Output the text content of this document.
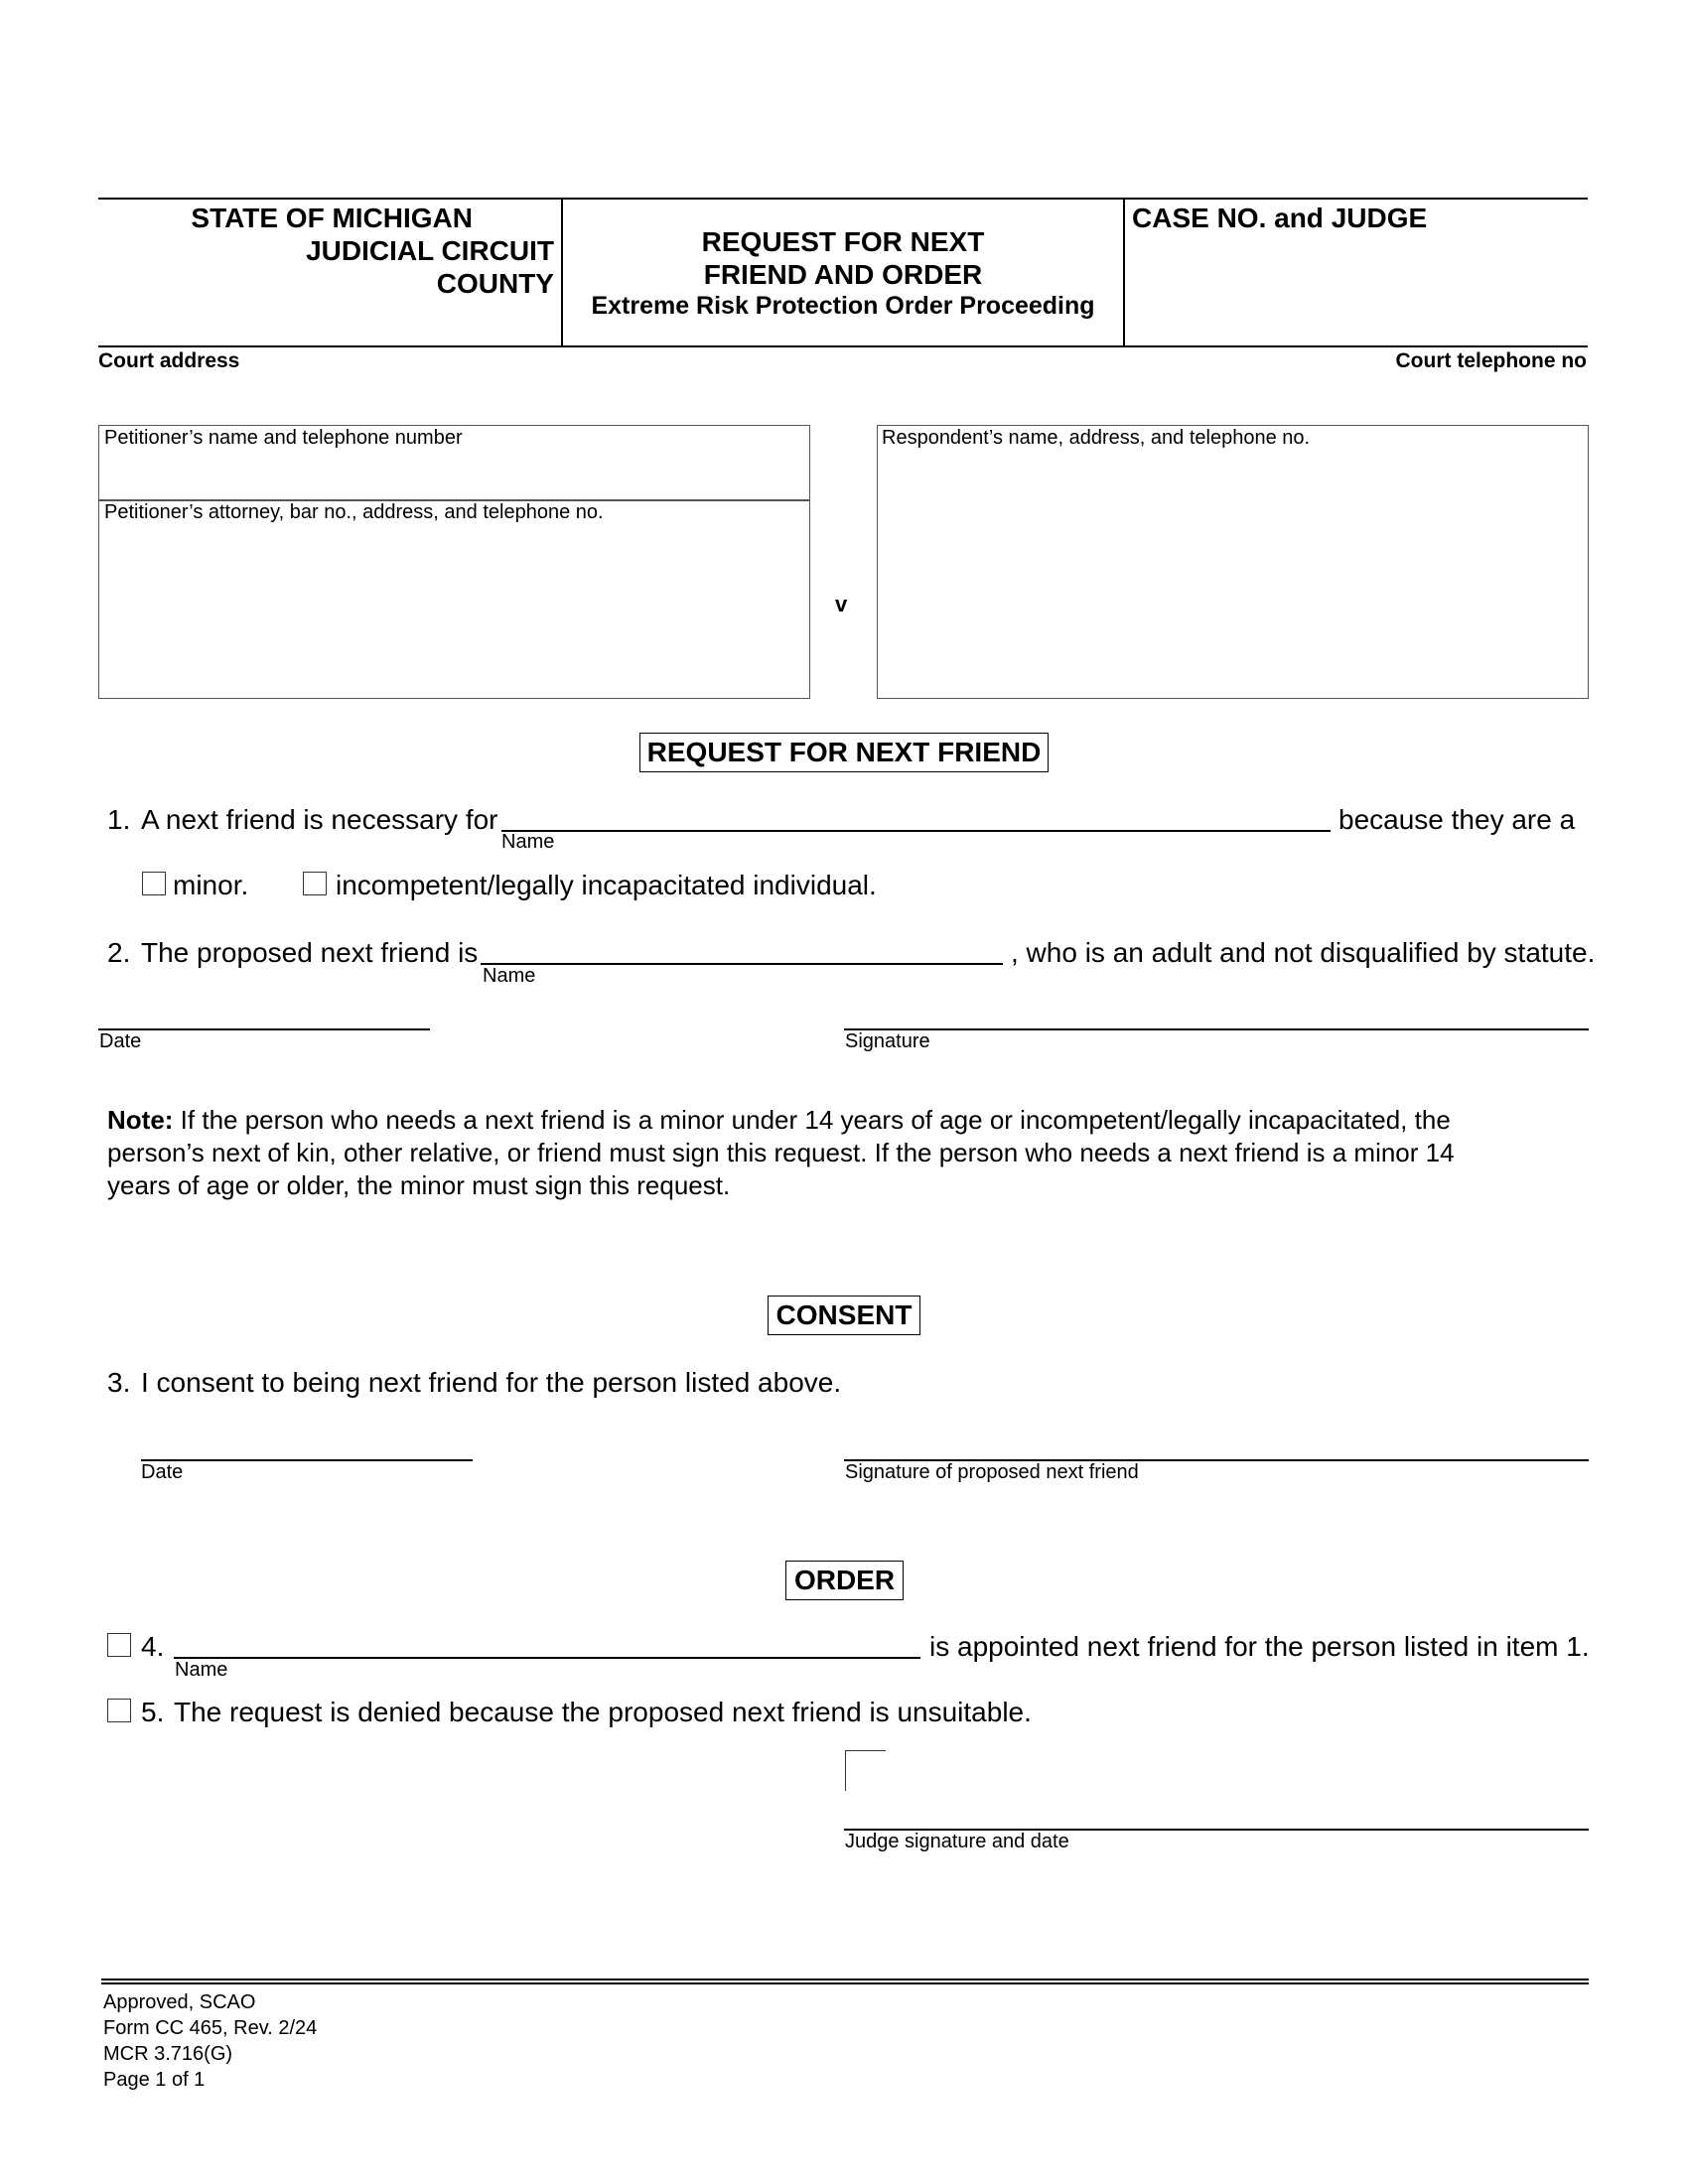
STATE OF MICHIGAN
JUDICIAL CIRCUIT
COUNTY
REQUEST FOR NEXT
FRIEND AND ORDER
Extreme Risk Protection Order Proceeding
CASE NO. and JUDGE
Court address	Court telephone no
Petitioner’s name and telephone number
Petitioner’s attorney, bar no., address, and telephone no.
v
Respondent’s name, address, and telephone no.
REQUEST FOR NEXT FRIEND
1. A next friend is necessary for
Name
because they are a
minor.	incompetent/legally incapacitated individual.
2. The proposed next friend is
Name
, who is an adult and not disqualified by statute.
Date	Signature
Note: If the person who needs a next friend is a minor under 14 years of age or incompetent/legally incapacitated, the
person’s next of kin, other relative, or friend must sign this request. If the person who needs a next friend is a minor 14
years of age or older, the minor must sign this request.
CONSENT
3. I consent to being next friend for the person listed above.
Date	Signature of proposed next friend
ORDER
4.
Name
is appointed next friend for the person listed in item 1.
5. The request is denied because the proposed next friend is unsuitable.
Judge signature and date
Approved, SCAO
Form CC 465, Rev. 2/24
MCR 3.716(G)
Page 1 of 1
